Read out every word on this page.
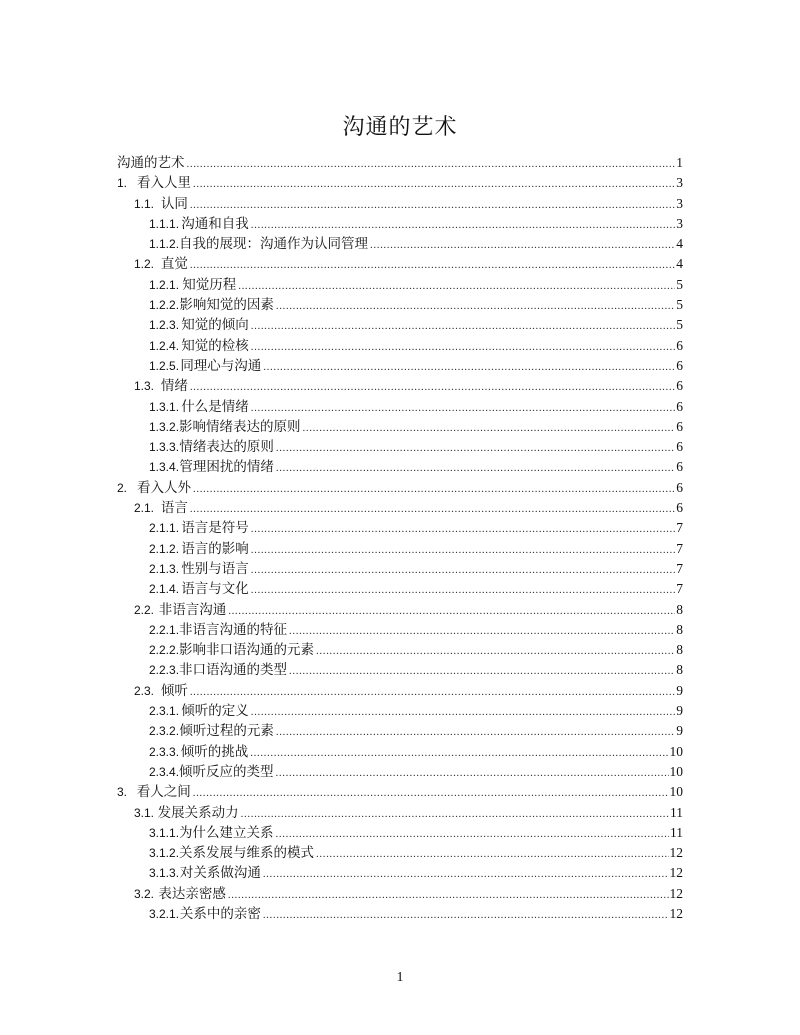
沟通的艺术
沟通的艺术 .....	1
1. 看入人里 .....	3
1.1. 认同 .....	3
1.1.1. 沟通和自我 .....	3
1.1.2. 自我的展现：沟通作为认同管理 .....	4
1.2. 直觉 .....	4
1.2.1. 知觉历程 .....	5
1.2.2. 影响知觉的因素 .....	5
1.2.3. 知觉的倾向 .....	5
1.2.4. 知觉的检核 .....	6
1.2.5. 同理心与沟通 .....	6
1.3. 情绪 .....	6
1.3.1. 什么是情绪 .....	6
1.3.2. 影响情绪表达的原则 .....	6
1.3.3. 情绪表达的原则 .....	6
1.3.4. 管理困扰的情绪 .....	6
2. 看入人外 .....	6
2.1. 语言 .....	6
2.1.1. 语言是符号 .....	7
2.1.2. 语言的影响 .....	7
2.1.3. 性别与语言 .....	7
2.1.4. 语言与文化 .....	7
2.2. 非语言沟通 .....	8
2.2.1. 非语言沟通的特征 .....	8
2.2.2. 影响非口语沟通的元素 .....	8
2.2.3. 非口语沟通的类型 .....	8
2.3. 倾听 .....	9
2.3.1. 倾听的定义 .....	9
2.3.2. 倾听过程的元素 .....	9
2.3.3. 倾听的挑战 .....	10
2.3.4. 倾听反应的类型 .....	10
3. 看人之间 .....	10
3.1. 发展关系动力 .....	11
3.1.1. 为什么建立关系 .....	11
3.1.2. 关系发展与维系的模式 .....	12
3.1.3. 对关系做沟通 .....	12
3.2. 表达亲密感 .....	12
3.2.1. 关系中的亲密 .....	12
1
